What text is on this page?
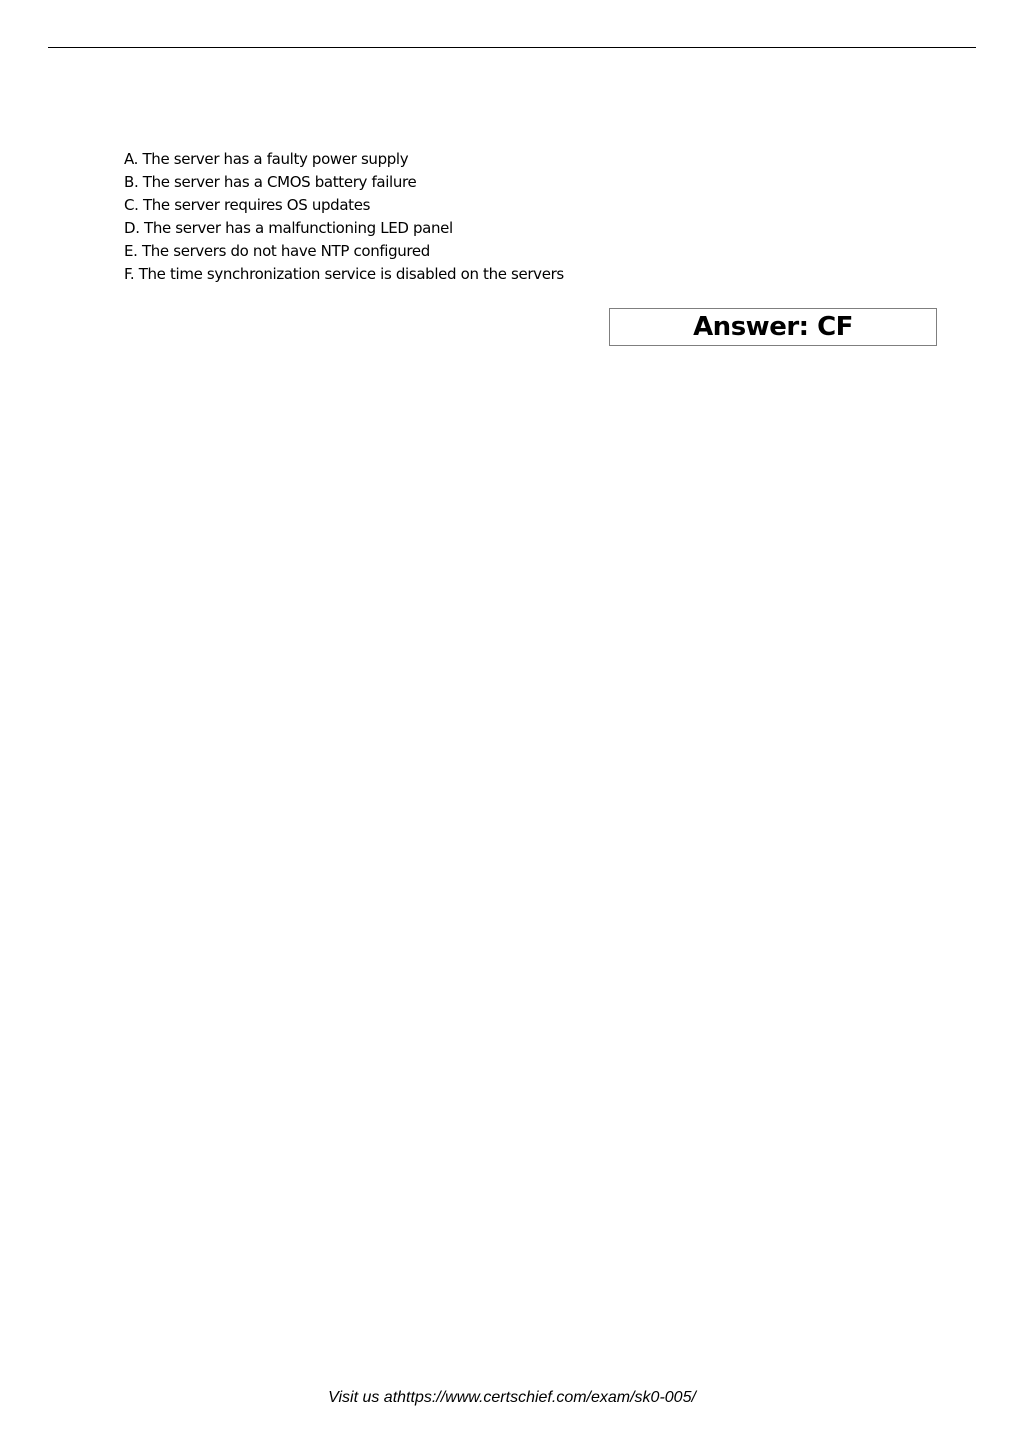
A. The server has a faulty power supply
B. The server has a CMOS battery failure
C. The server requires OS updates
D. The server has a malfunctioning LED panel
E. The servers do not have NTP configured
F. The time synchronization service is disabled on the servers
Answer: CF
Visit us athttps://www.certschief.com/exam/sk0-005/
